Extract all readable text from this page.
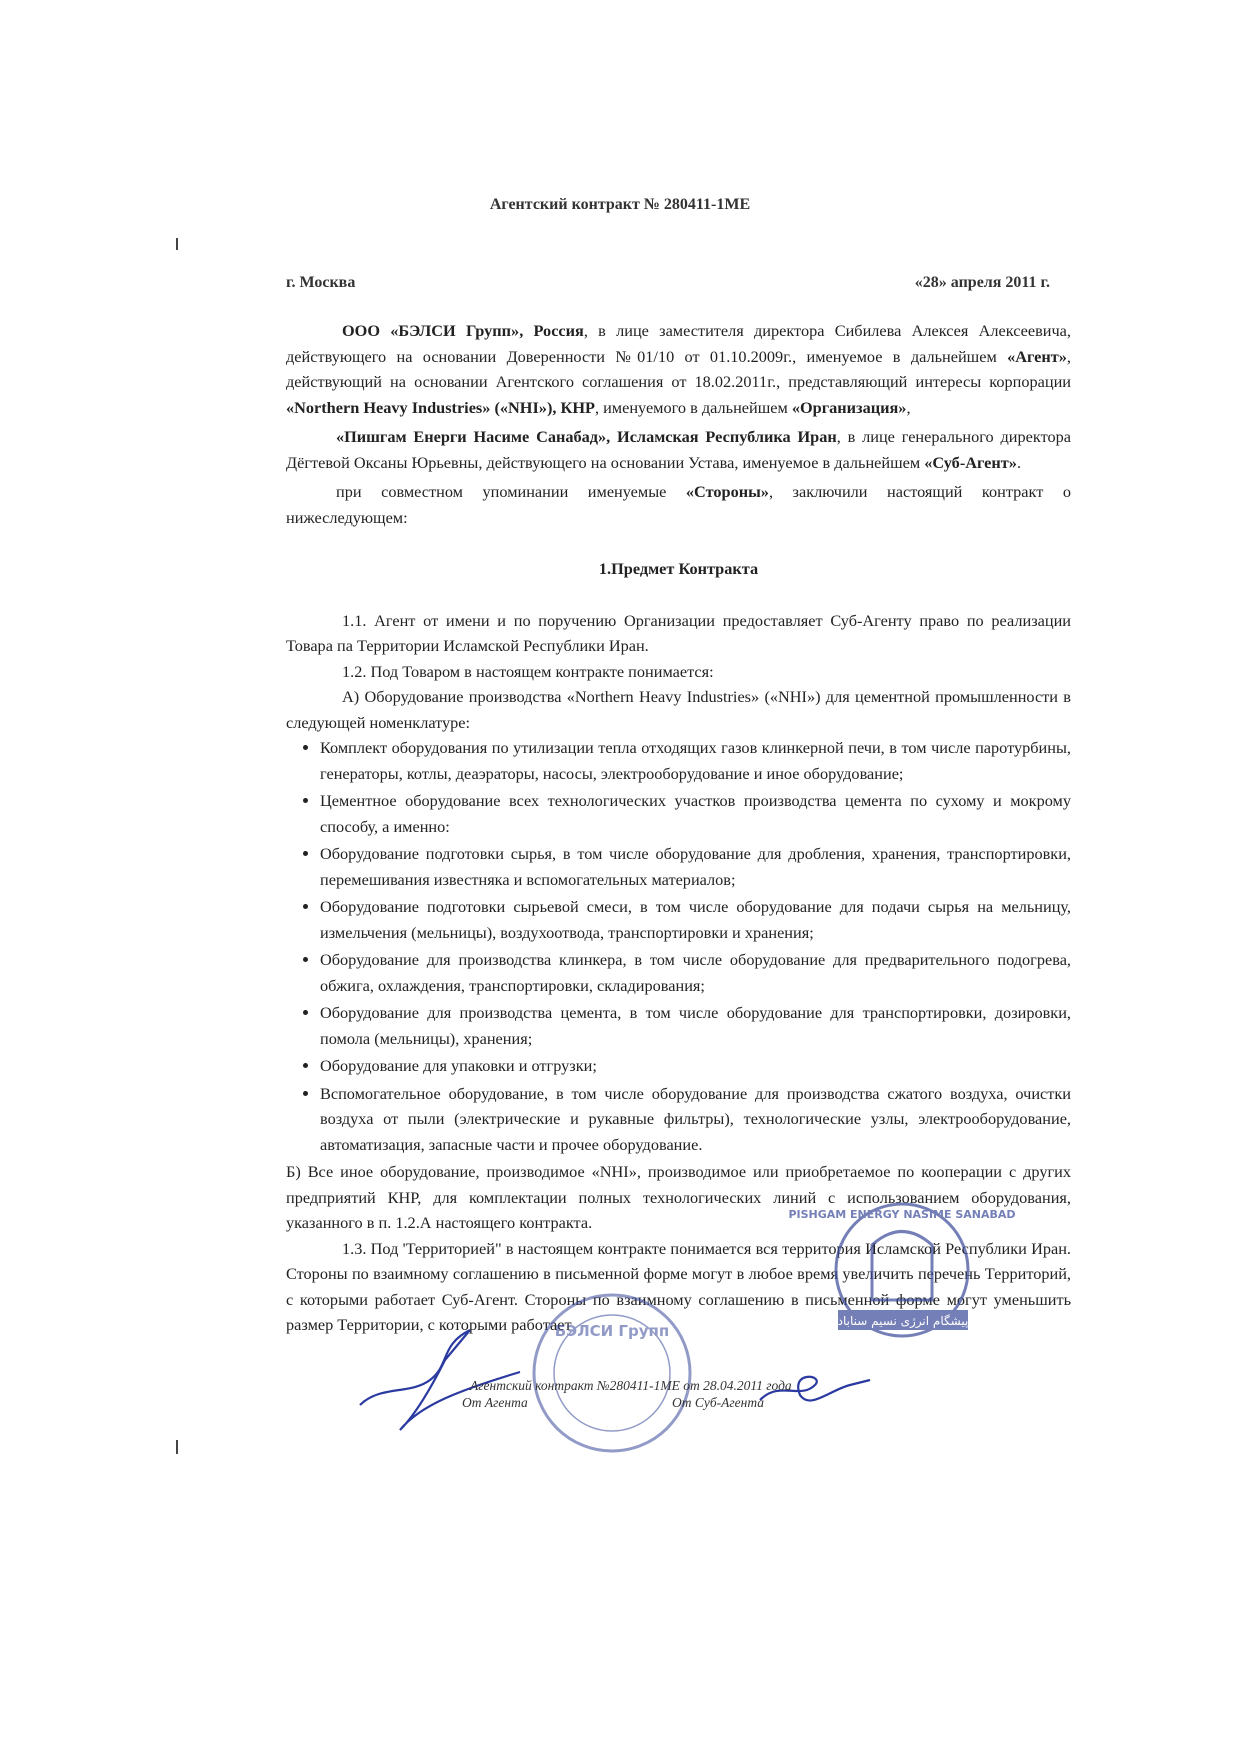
Агентский контракт № 280411-1МЕ
г. Москва	«28» апреля 2011 г.

ООО «БЭЛСИ Групп», Россия, в лице заместителя директора Сибилева Алексея Алексеевича, действующего на основании Доверенности №01/10 от 01.10.2009г., именуемое в дальнейшем «Агент», действующий на основании Агентского соглашения от 18.02.2011г., представляющий интересы корпорации «Northern Heavy Industries» («NHI»), КНР, именуемого в дальнейшем «Организация»,

«Пишгам Енерги Насиме Санабад», Исламская Республика Иран, в лице генерального директора Дёгтевой Оксаны Юрьевны, действующего на основании Устава, именуемое в дальнейшем «Суб-Агент».

при совместном упоминании именуемые «Стороны», заключили настоящий контракт о нижеследующем:

1.Предмет Контракта

1.1. Агент от имени и по поручению Организации предоставляет Суб-Агенту право по реализации Товара па Территории Исламской Республики Иран.

1.2. Под Товаром в настоящем контракте понимается:

А) Оборудование производства «Northern Heavy Industries» («NHI») для цементной промышленности в следующей номенклатуре:

• Комплект оборудования по утилизации тепла отходящих газов клинкерной печи, в том числе паротурбины, генераторы, котлы, деаэраторы, насосы, электрооборудование и иное оборудование;
• Цементное оборудование всех технологических участков производства цемента по сухому и мокрому способу, а именно:
• Оборудование подготовки сырья, в том числе оборудование для дробления, хранения, транспортировки, перемешивания известняка и вспомогательных материалов;
• Оборудование подготовки сырьевой смеси, в том числе оборудование для подачи сырья на мельницу, измельчения (мельницы), воздухоотвода, транспортировки и хранения;
• Оборудование для производства клинкера, в том числе оборудование для предварительного подогрева, обжига, охлаждения, транспортировки, складирования;
• Оборудование для производства цемента, в том числе оборудование для транспортировки, дозировки, помола (мельницы), хранения;
• Оборудование для упаковки и отгрузки;
• Вспомогательное оборудование, в том числе оборудование для производства сжатого воздуха, очистки воздуха от пыли (электрические и рукавные фильтры), технологические узлы, электрооборудование, автоматизация, запасные части и прочее оборудование.

Б) Все иное оборудование, производимое «NHI», производимое или приобретаемое по кооперации с других предприятий КНР, для комплектации полных технологических линий с использованием оборудования, указанного в п. 1.2.А настоящего контракта.

1.3. Под 'Территорией" в настоящем контракте понимается вся территория Исламской Республики Иран. Стороны по взаимному соглашению в письменной форме могут в любое время увеличить перечень Территорий, с которыми работает Суб-Агент. Стороны по взаимному соглашению в письменной форме могут уменьшить размер Территории, с которыми работает

БЭЛСИ Групп
PISHGAM ENERGY NASIME SANABAD
پیشگام انرژی نسیم سناباد
Агентский контракт №280411-1МЕ от 28.04.2011 года
От Агента	От Суб-Агента
